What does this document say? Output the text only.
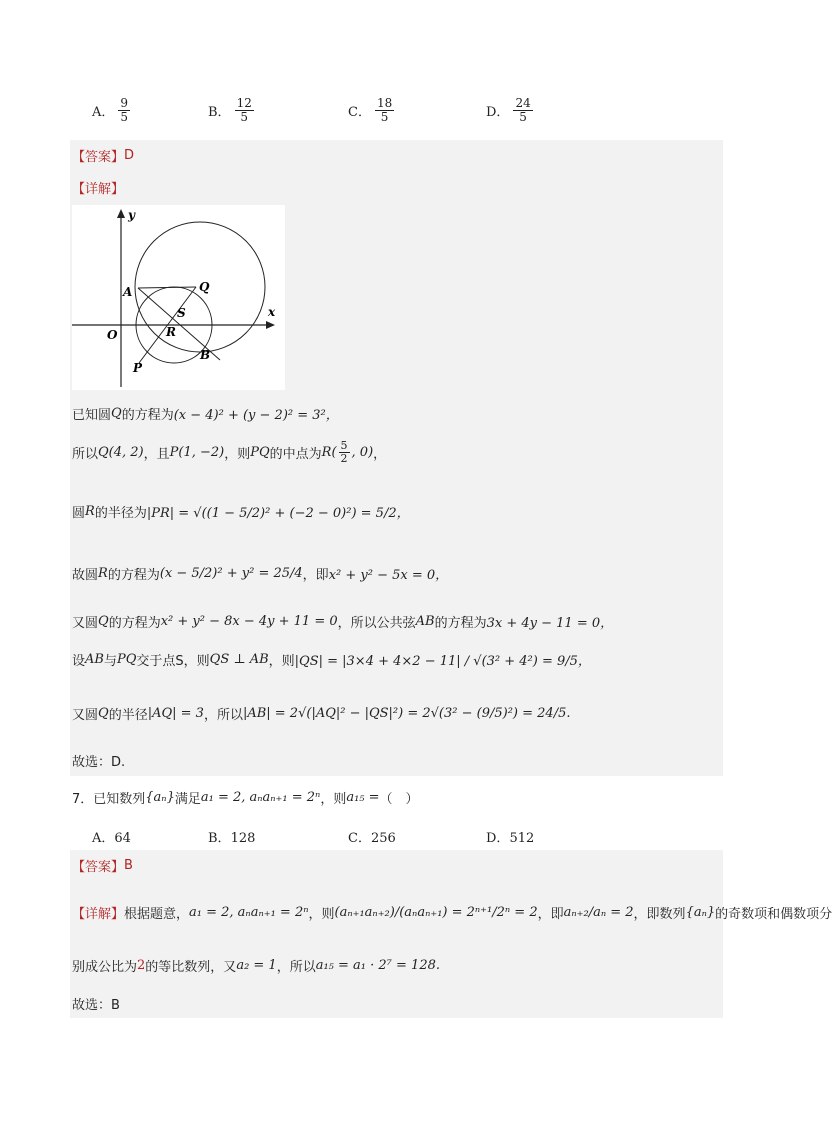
A． $\frac{9}{5}$	B． $\frac{12}{5}$	C． $\frac{18}{5}$	D． $\frac{24}{5}$
【答案】 D
【详解】
y
x
A	Q
S
O	R
B
P
已知圆 Q 的方程为 (x − 4)² + (y − 2)² = 3²，
所以 Q(4, 2) ，且 P(1, −2) ，则 PQ 的中点为 R( 5
2 , 0) ，
圆 R 的半径为 |PR| = √((1 − 5/2)² + (−2 − 0)²) = 5/2，
故圆 R 的方程为 (x − 5/2)² + y² = 25/4 ，即 x² + y² − 5x = 0，
又圆 Q 的方程为 x² + y² − 8x − 4y + 11 = 0 ，所以公共弦 AB 的方程为 3x + 4y − 11 = 0，
设 AB 与 PQ 交于点S，则 QS ⊥ AB ，则 |QS| = |3×4 + 4×2 − 11| / √(3² + 4²) = 9/5，
又圆 Q 的半径 |AQ| = 3 ，所以 |AB| = 2√(|AQ|² − |QS|²) = 2√(3² − (9/5)²) = 24/5.
故选：D.
7．已知数列 {aₙ} 满足 a₁ = 2, aₙaₙ₊₁ = 2ⁿ ，则 a₁₅ = （　）
A．64	B．128	C．256	D．512
【答案】 B
【详解】 根据题意， a₁ = 2, aₙaₙ₊₁ = 2ⁿ ，则 (aₙ₊₁aₙ₊₂)/(aₙaₙ₊₁) = 2ⁿ⁺¹/2ⁿ = 2 ，即 aₙ₊₂/aₙ = 2 ，即数列 {aₙ} 的奇数项和偶数项分
别成公比为 2 的等比数列，又 a₂ = 1 ，所以 a₁₅ = a₁ · 2⁷ = 128.
故选：B
